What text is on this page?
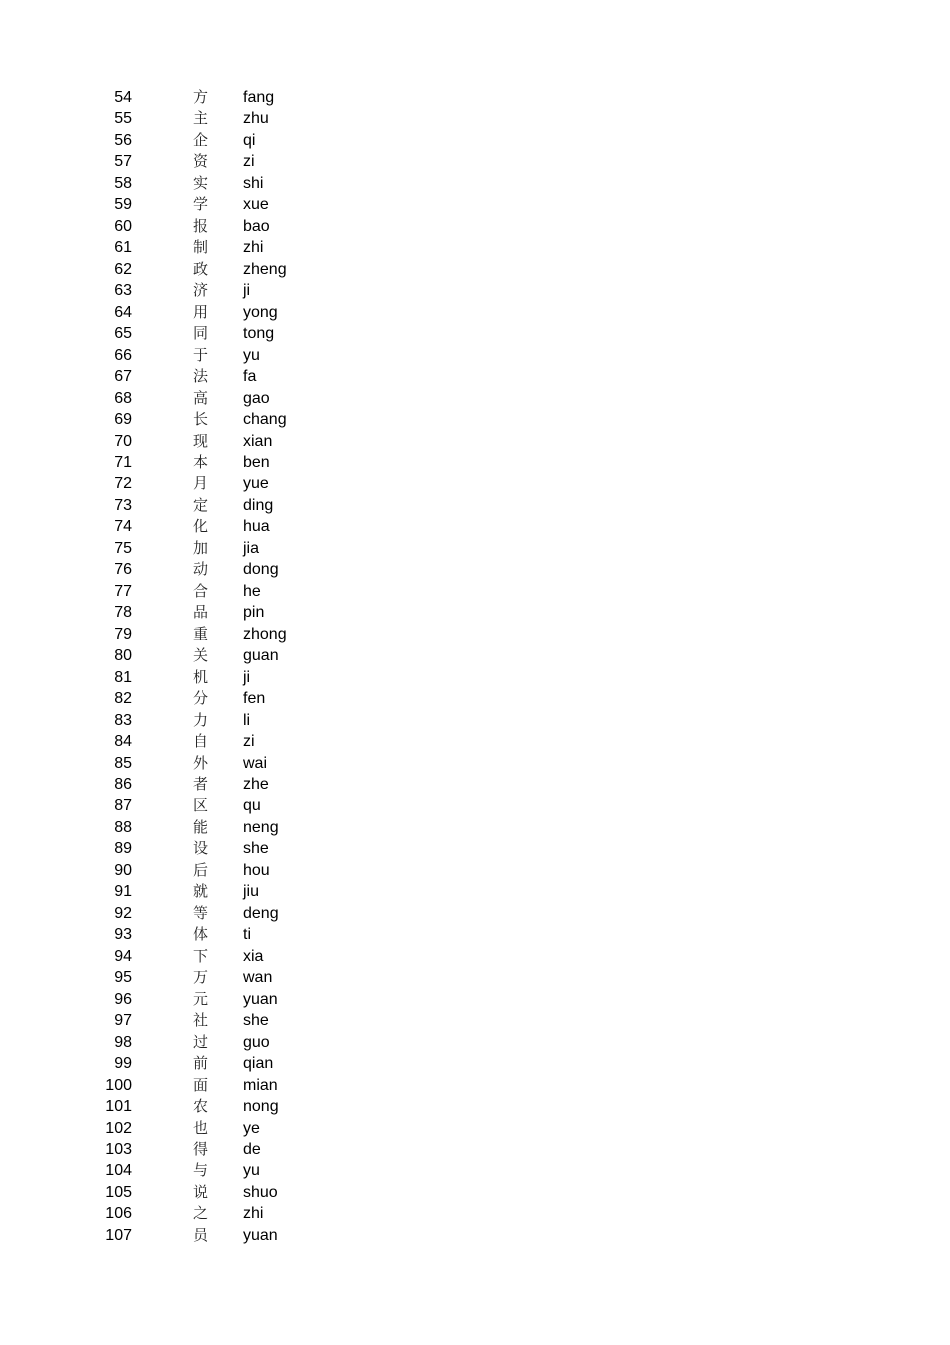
54	方 fang
55	主 zhu
56	企 qi
57	资 zi
58	实 shi
59	学 xue
60	报 bao
61	制 zhi
62	政 zheng
63	济 ji
64	用 yong
65	同 tong
66	于 yu
67	法 fa
68	高 gao
69	长 chang
70	现 xian
71	本 ben
72	月 yue
73	定 ding
74	化 hua
75	加 jia
76	动 dong
77	合 he
78	品 pin
79	重 zhong
80	关 guan
81	机 ji
82	分 fen
83	力 li
84	自 zi
85	外 wai
86	者 zhe
87	区 qu
88	能 neng
89	设 she
90	后 hou
91	就 jiu
92	等 deng
93	体 ti
94	下 xia
95	万 wan
96	元 yuan
97	社 she
98	过 guo
99	前 qian
100	面 mian
101	农 nong
102	也 ye
103	得 de
104	与 yu
105	说 shuo
106	之 zhi
107	员 yuan
